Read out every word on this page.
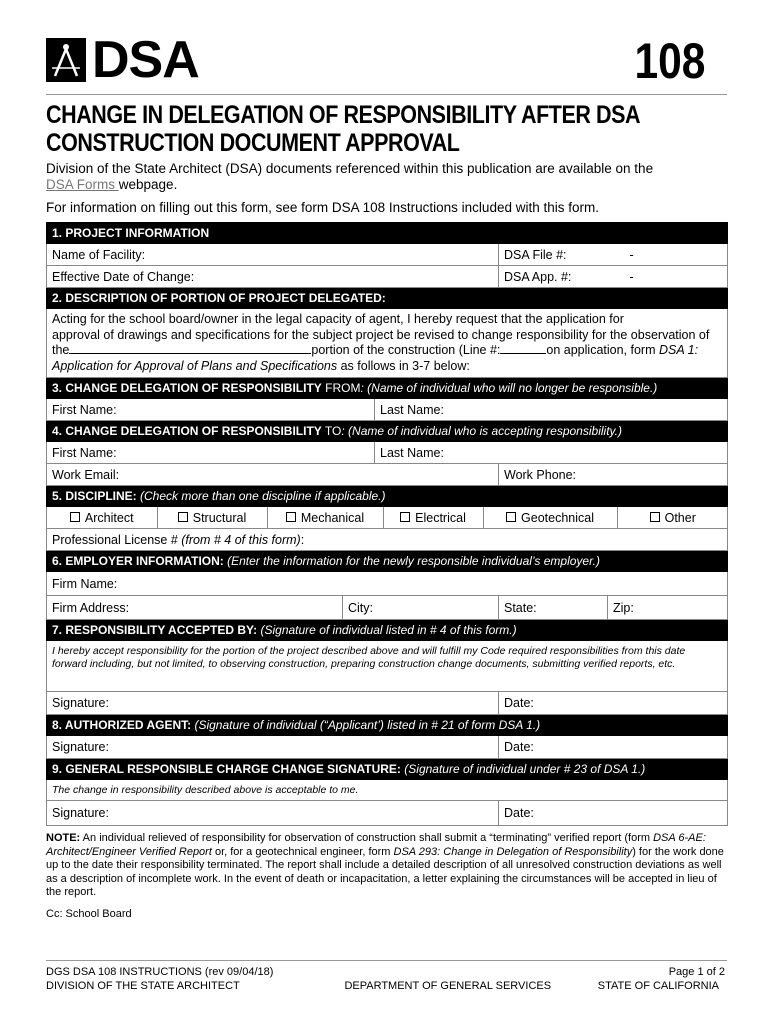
DSA	108
CHANGE IN DELEGATION OF RESPONSIBILITY AFTER DSA
CONSTRUCTION DOCUMENT APPROVAL

Division of the State Architect (DSA) documents referenced within this publication are available on the
DSA Forms webpage.

For information on filling out this form, see form DSA 108 Instructions included with this form.

1. PROJECT INFORMATION
Name of Facility:	DSA File #:	-
Effective Date of Change:	DSA App. #:	-
2. DESCRIPTION OF PORTION OF PROJECT DELEGATED:
Acting for the school board/owner in the legal capacity of agent, I hereby request that the application for
approval of drawings and specifications for the subject project be revised to change responsibility for the observation of
the	portion of the construction (Line #:	on application, form DSA 1:
Application for Approval of Plans and Specifications as follows in 3-7 below:
3. CHANGE DELEGATION OF RESPONSIBILITY FROM: (Name of individual who will no longer be responsible.)
First Name:	Last Name:
4. CHANGE DELEGATION OF RESPONSIBILITY TO: (Name of individual who is accepting responsibility.)
First Name:	Last Name:
Work Email:	Work Phone:
5. DISCIPLINE: (Check more than one discipline if applicable.)

Architect	Structural	Mechanical	Electrical	Geotechnical	Other

Professional License # (from # 4 of this form):
6. EMPLOYER INFORMATION: (Enter the information for the newly responsible individual’s employer.)
Firm Name:
Firm Address:	City:	State:	Zip:
7. RESPONSIBILITY ACCEPTED BY: (Signature of individual listed in # 4 of this form.)
I hereby accept responsibility for the portion of the project described above and will fulfill my Code required responsibilities from this date forward including, but not limited, to observing construction, preparing construction change documents, submitting verified reports, etc.
Signature:	Date:
8. AUTHORIZED AGENT: (Signature of individual (“Applicant’) listed in # 21 of form DSA 1.)
Signature:	Date:
9. GENERAL RESPONSIBLE CHARGE CHANGE SIGNATURE: (Signature of individual under # 23 of DSA 1.)
The change in responsibility described above is acceptable to me.
Signature:	Date:
NOTE: An individual relieved of responsibility for observation of construction shall submit a “terminating” verified report (form DSA 6-AE: Architect/Engineer Verified Report or, for a geotechnical engineer, form DSA 293: Change in Delegation of Responsibility) for the work done up to the date their responsibility terminated. The report shall include a detailed description of all unresolved construction deviations as well as a description of incomplete work. In the event of death or incapacitation, a letter explaining the circumstances will be accepted in lieu of the report.
Cc: School Board
DGS DSA 108 INSTRUCTIONS (rev 09/04/18)	Page 1 of 2
DIVISION OF THE STATE ARCHITECT	DEPARTMENT OF GENERAL SERVICES	STATE OF CALIFORNIA
